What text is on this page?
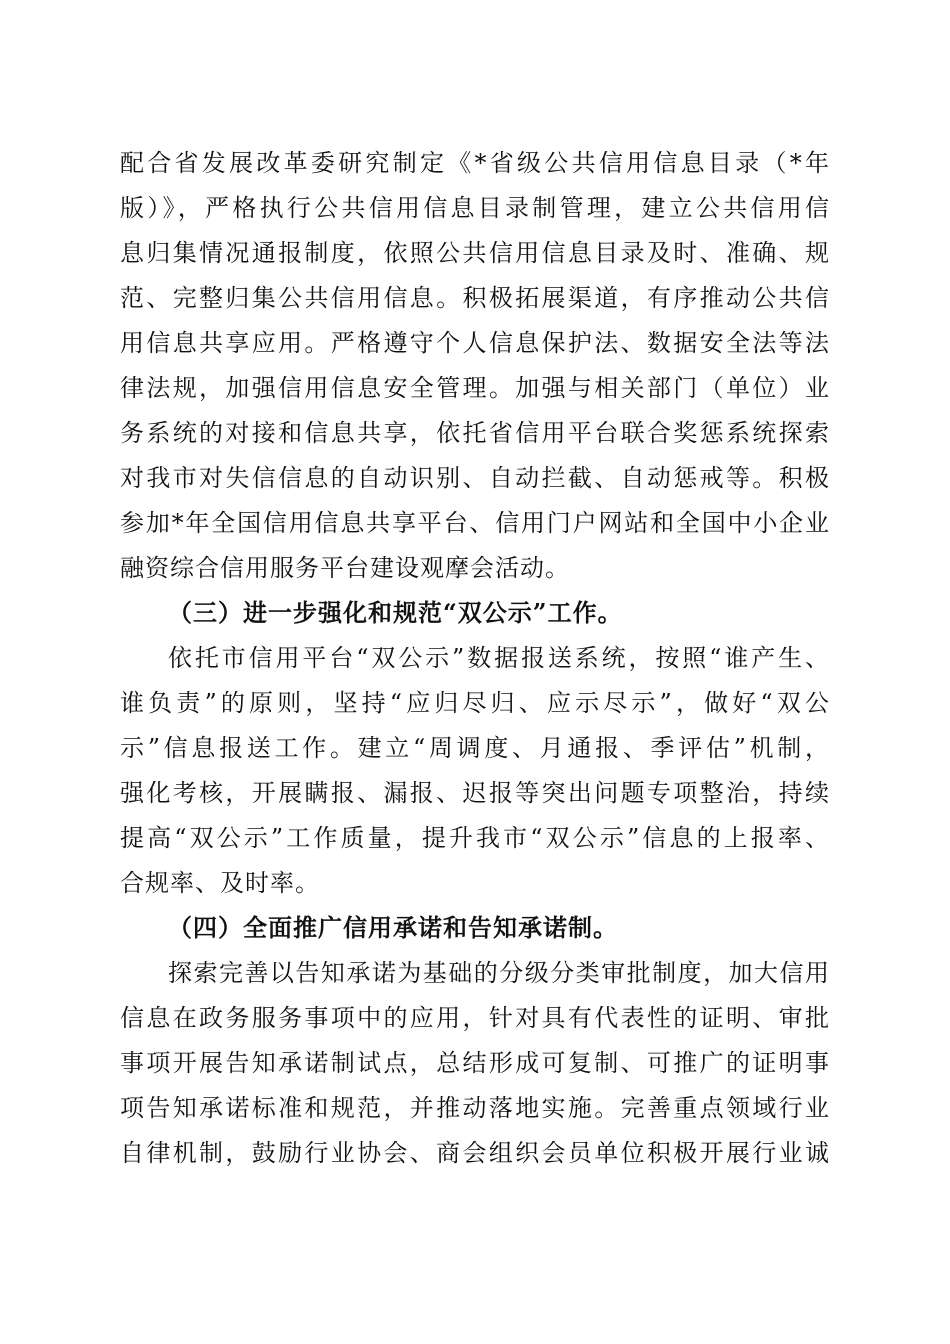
配合省发展改革委研究制定《*省级公共信用信息目录（*年
版）》，严格执行公共信用信息目录制管理，建立公共信用信
息归集情况通报制度，依照公共信用信息目录及时、准确、规
范、完整归集公共信用信息。积极拓展渠道，有序推动公共信
用信息共享应用。严格遵守个人信息保护法、数据安全法等法
律法规，加强信用信息安全管理。加强与相关部门（单位）业
务系统的对接和信息共享，依托省信用平台联合奖惩系统探索
对我市对失信信息的自动识别、自动拦截、自动惩戒等。积极
参加*年全国信用信息共享平台、信用门户网站和全国中小企业
融资综合信用服务平台建设观摩会活动。
（三）进一步强化和规范“双公示”工作。
依托市信用平台“双公示”数据报送系统，按照“谁产生、
谁负责”的原则，坚持“应归尽归、应示尽示”，做好“双公
示”信息报送工作。建立“周调度、月通报、季评估”机制，
强化考核，开展瞒报、漏报、迟报等突出问题专项整治，持续
提高“双公示”工作质量，提升我市“双公示”信息的上报率、
合规率、及时率。
（四）全面推广信用承诺和告知承诺制。
探索完善以告知承诺为基础的分级分类审批制度，加大信用
信息在政务服务事项中的应用，针对具有代表性的证明、审批
事项开展告知承诺制试点，总结形成可复制、可推广的证明事
项告知承诺标准和规范，并推动落地实施。完善重点领域行业
自律机制，鼓励行业协会、商会组织会员单位积极开展行业诚
